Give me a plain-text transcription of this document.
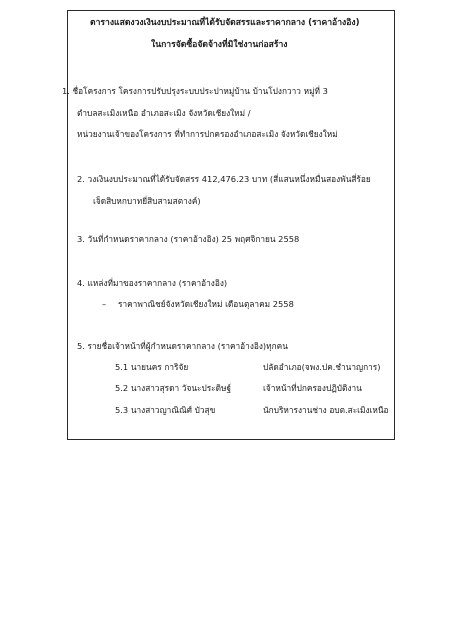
ตารางแสดงวงเงินงบประมาณที่ได้รับจัดสรรและราคากลาง (ราคาอ้างอิง)
ในการจัดซื้อจัดจ้างที่มิใช่งานก่อสร้าง
1. ชื่อโครงการ โครงการปรับปรุงระบบประปาหมู่บ้าน บ้านโปงกวาว หมู่ที่ 3
ตำบลสะเมิงเหนือ อำเภอสะเมิง จังหวัดเชียงใหม่ /
หน่วยงานเจ้าของโครงการ ที่ทำการปกครองอำเภอสะเมิง จังหวัดเชียงใหม่
2. วงเงินงบประมาณที่ได้รับจัดสรร 412,476.23 บาท (สี่แสนหนึ่งหมื่นสองพันสี่ร้อย
เจ็ดสิบหกบาทยี่สิบสามสตางค์)
3. วันที่กำหนดราคากลาง (ราคาอ้างอิง) 25 พฤศจิกายน 2558
4. แหล่งที่มาของราคากลาง (ราคาอ้างอิง)
– ราคาพาณิชย์จังหวัดเชียงใหม่ เดือนตุลาคม 2558
5. รายชื่อเจ้าหน้าที่ผู้กำหนดราคากลาง (ราคาอ้างอิง)ทุกคน
5.1 นายนคร การิจัย	ปลัดอำเภอ(จพง.ปค.ชำนาญการ)
5.2 นางสาวสุรดา วัจนะประดิษฐ์	เจ้าหน้าที่ปกครองปฏิบัติงาน
5.3 นางสาวญาณิณิศ์ บัวสุข	นักบริหารงานช่าง อบต.สะเมิงเหนือ
